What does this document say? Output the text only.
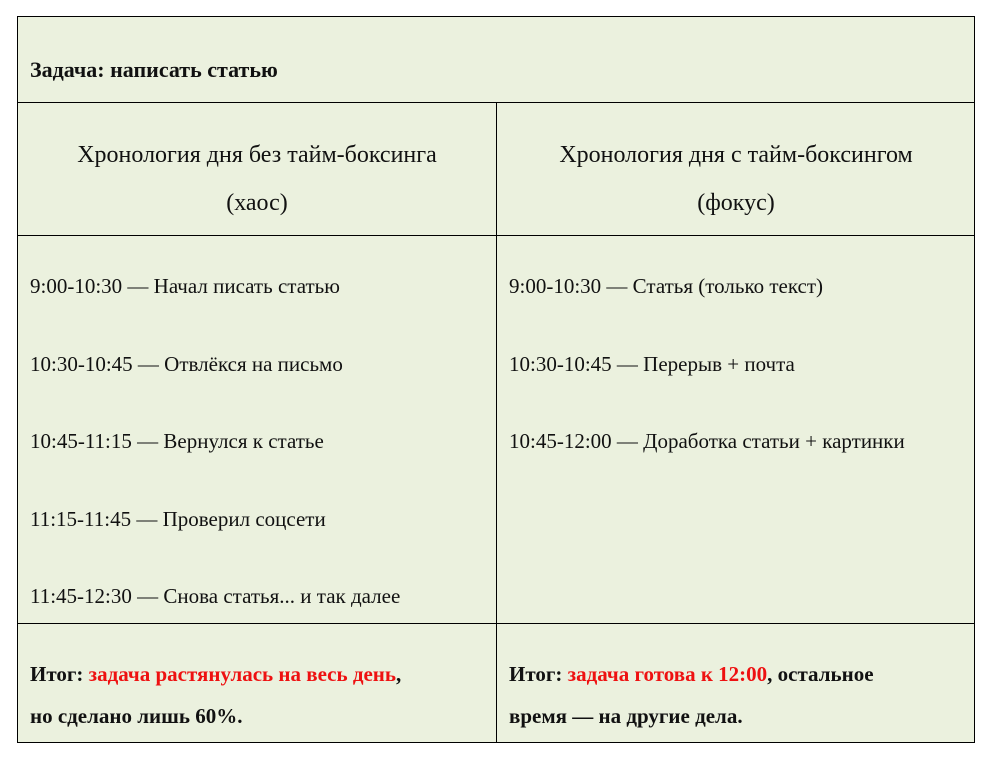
Задача: написать статью
Хронология дня без тайм-боксинга
(хаос)
Хронология дня с тайм-боксингом
(фокус)
9:00-10:30 — Начал писать статью
10:30-10:45 — Отвлёкся на письмо
10:45-11:15 — Вернулся к статье
11:15-11:45 — Проверил соцсети
11:45-12:30 — Снова статья... и так далее
9:00-10:30 — Статья (только текст)
10:30-10:45 — Перерыв + почта
10:45-12:00 — Доработка статьи + картинки
Итог: задача растянулась на весь день,
но сделано лишь 60%.
Итог: задача готова к 12:00, остальное
время — на другие дела.
